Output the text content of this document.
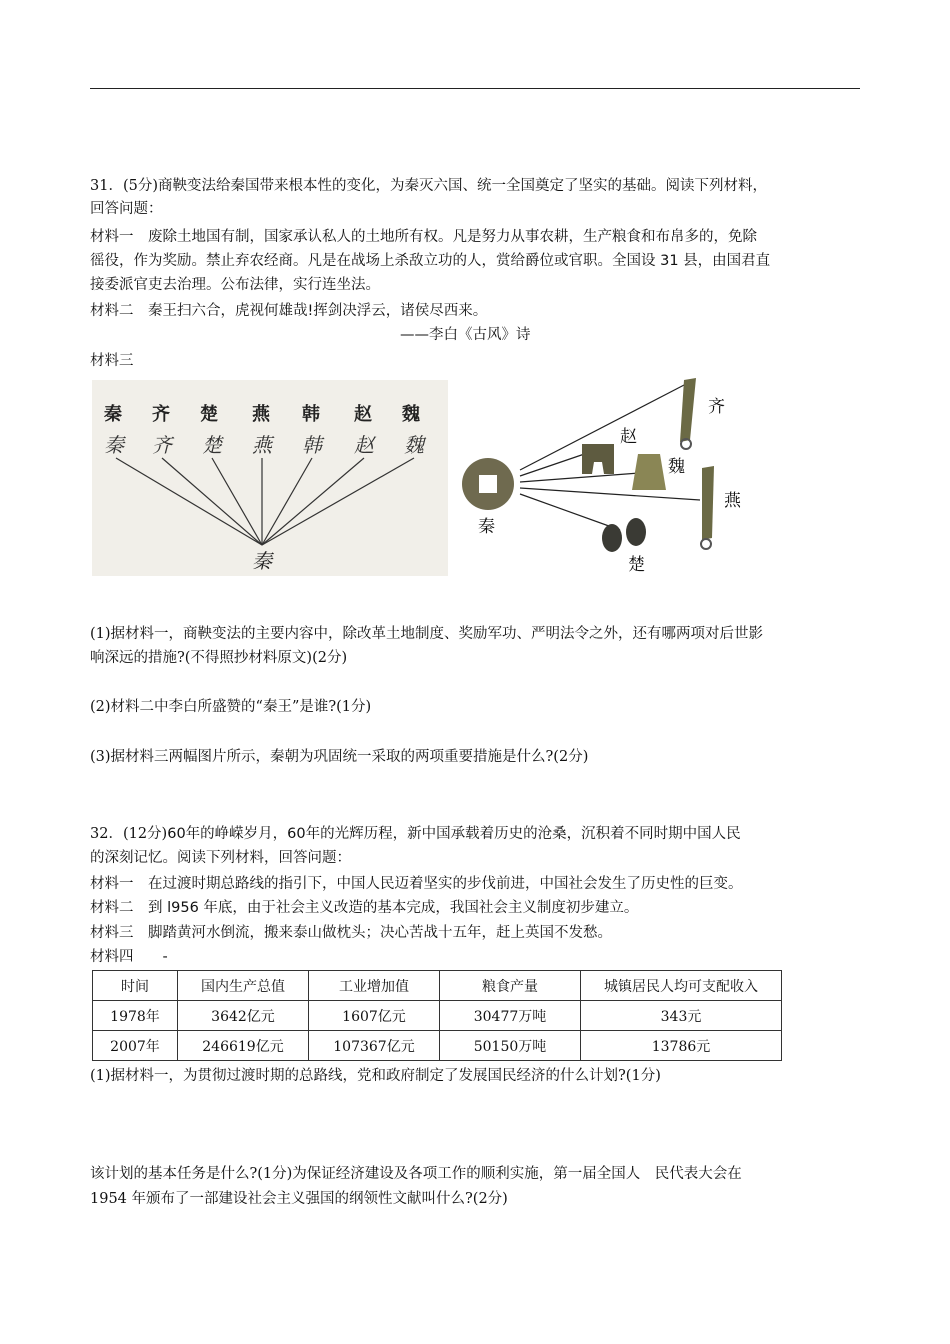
31．(5分)商鞅变法给秦国带来根本性的变化，为秦灭六国、统一全国奠定了坚实的基础。阅读下列材料，
回答问题：
材料一　废除土地国有制，国家承认私人的土地所有权。凡是努力从事农耕，生产粮食和布帛多的，免除
徭役，作为奖励。禁止弃农经商。凡是在战场上杀敌立功的人，赏给爵位或官职。全国设 31 县，由国君直
接委派官吏去治理。公布法律，实行连坐法。
材料二　秦王扫六合，虎视何雄哉!挥剑决浮云，诸侯尽西来。
——李白《古风》诗
材料三
秦 齐 楚 燕 韩 赵 魏
秦 齐 楚 燕 韩 赵 魏
秦
秦
齐
赵
魏
燕
楚
(1)据材料一，商鞅变法的主要内容中，除改革土地制度、奖励军功、严明法令之外，还有哪两项对后世影
响深远的措施?(不得照抄材料原文)(2分)
(2)材料二中李白所盛赞的“秦王”是谁?(1分)
(3)据材料三两幅图片所示，秦朝为巩固统一采取的两项重要措施是什么?(2分)
32．(12分)60年的峥嵘岁月，60年的光辉历程，新中国承载着历史的沧桑，沉积着不同时期中国人民
的深刻记忆。阅读下列材料，回答问题：
材料一　在过渡时期总路线的指引下，中国人民迈着坚实的步伐前进，中国社会发生了历史性的巨变。
材料二　到 l956 年底，由于社会主义改造的基本完成，我国社会主义制度初步建立。
材料三　脚踏黄河水倒流，搬来泰山做枕头；决心苦战十五年，赶上英国不发愁。
材料四　　-
时间	国内生产总值	工业增加值	粮食产量	城镇居民人均可支配收入
1978年	3642亿元	1607亿元	30477万吨	343元
2007年	246619亿元	107367亿元	50150万吨	13786元
(1)据材料一，为贯彻过渡时期的总路线，党和政府制定了发展国民经济的什么计划?(1分)
该计划的基本任务是什么?(1分)为保证经济建设及各项工作的顺利实施，第一届全国人　民代表大会在
1954 年颁布了一部建设社会主义强国的纲领性文献叫什么?(2分)
